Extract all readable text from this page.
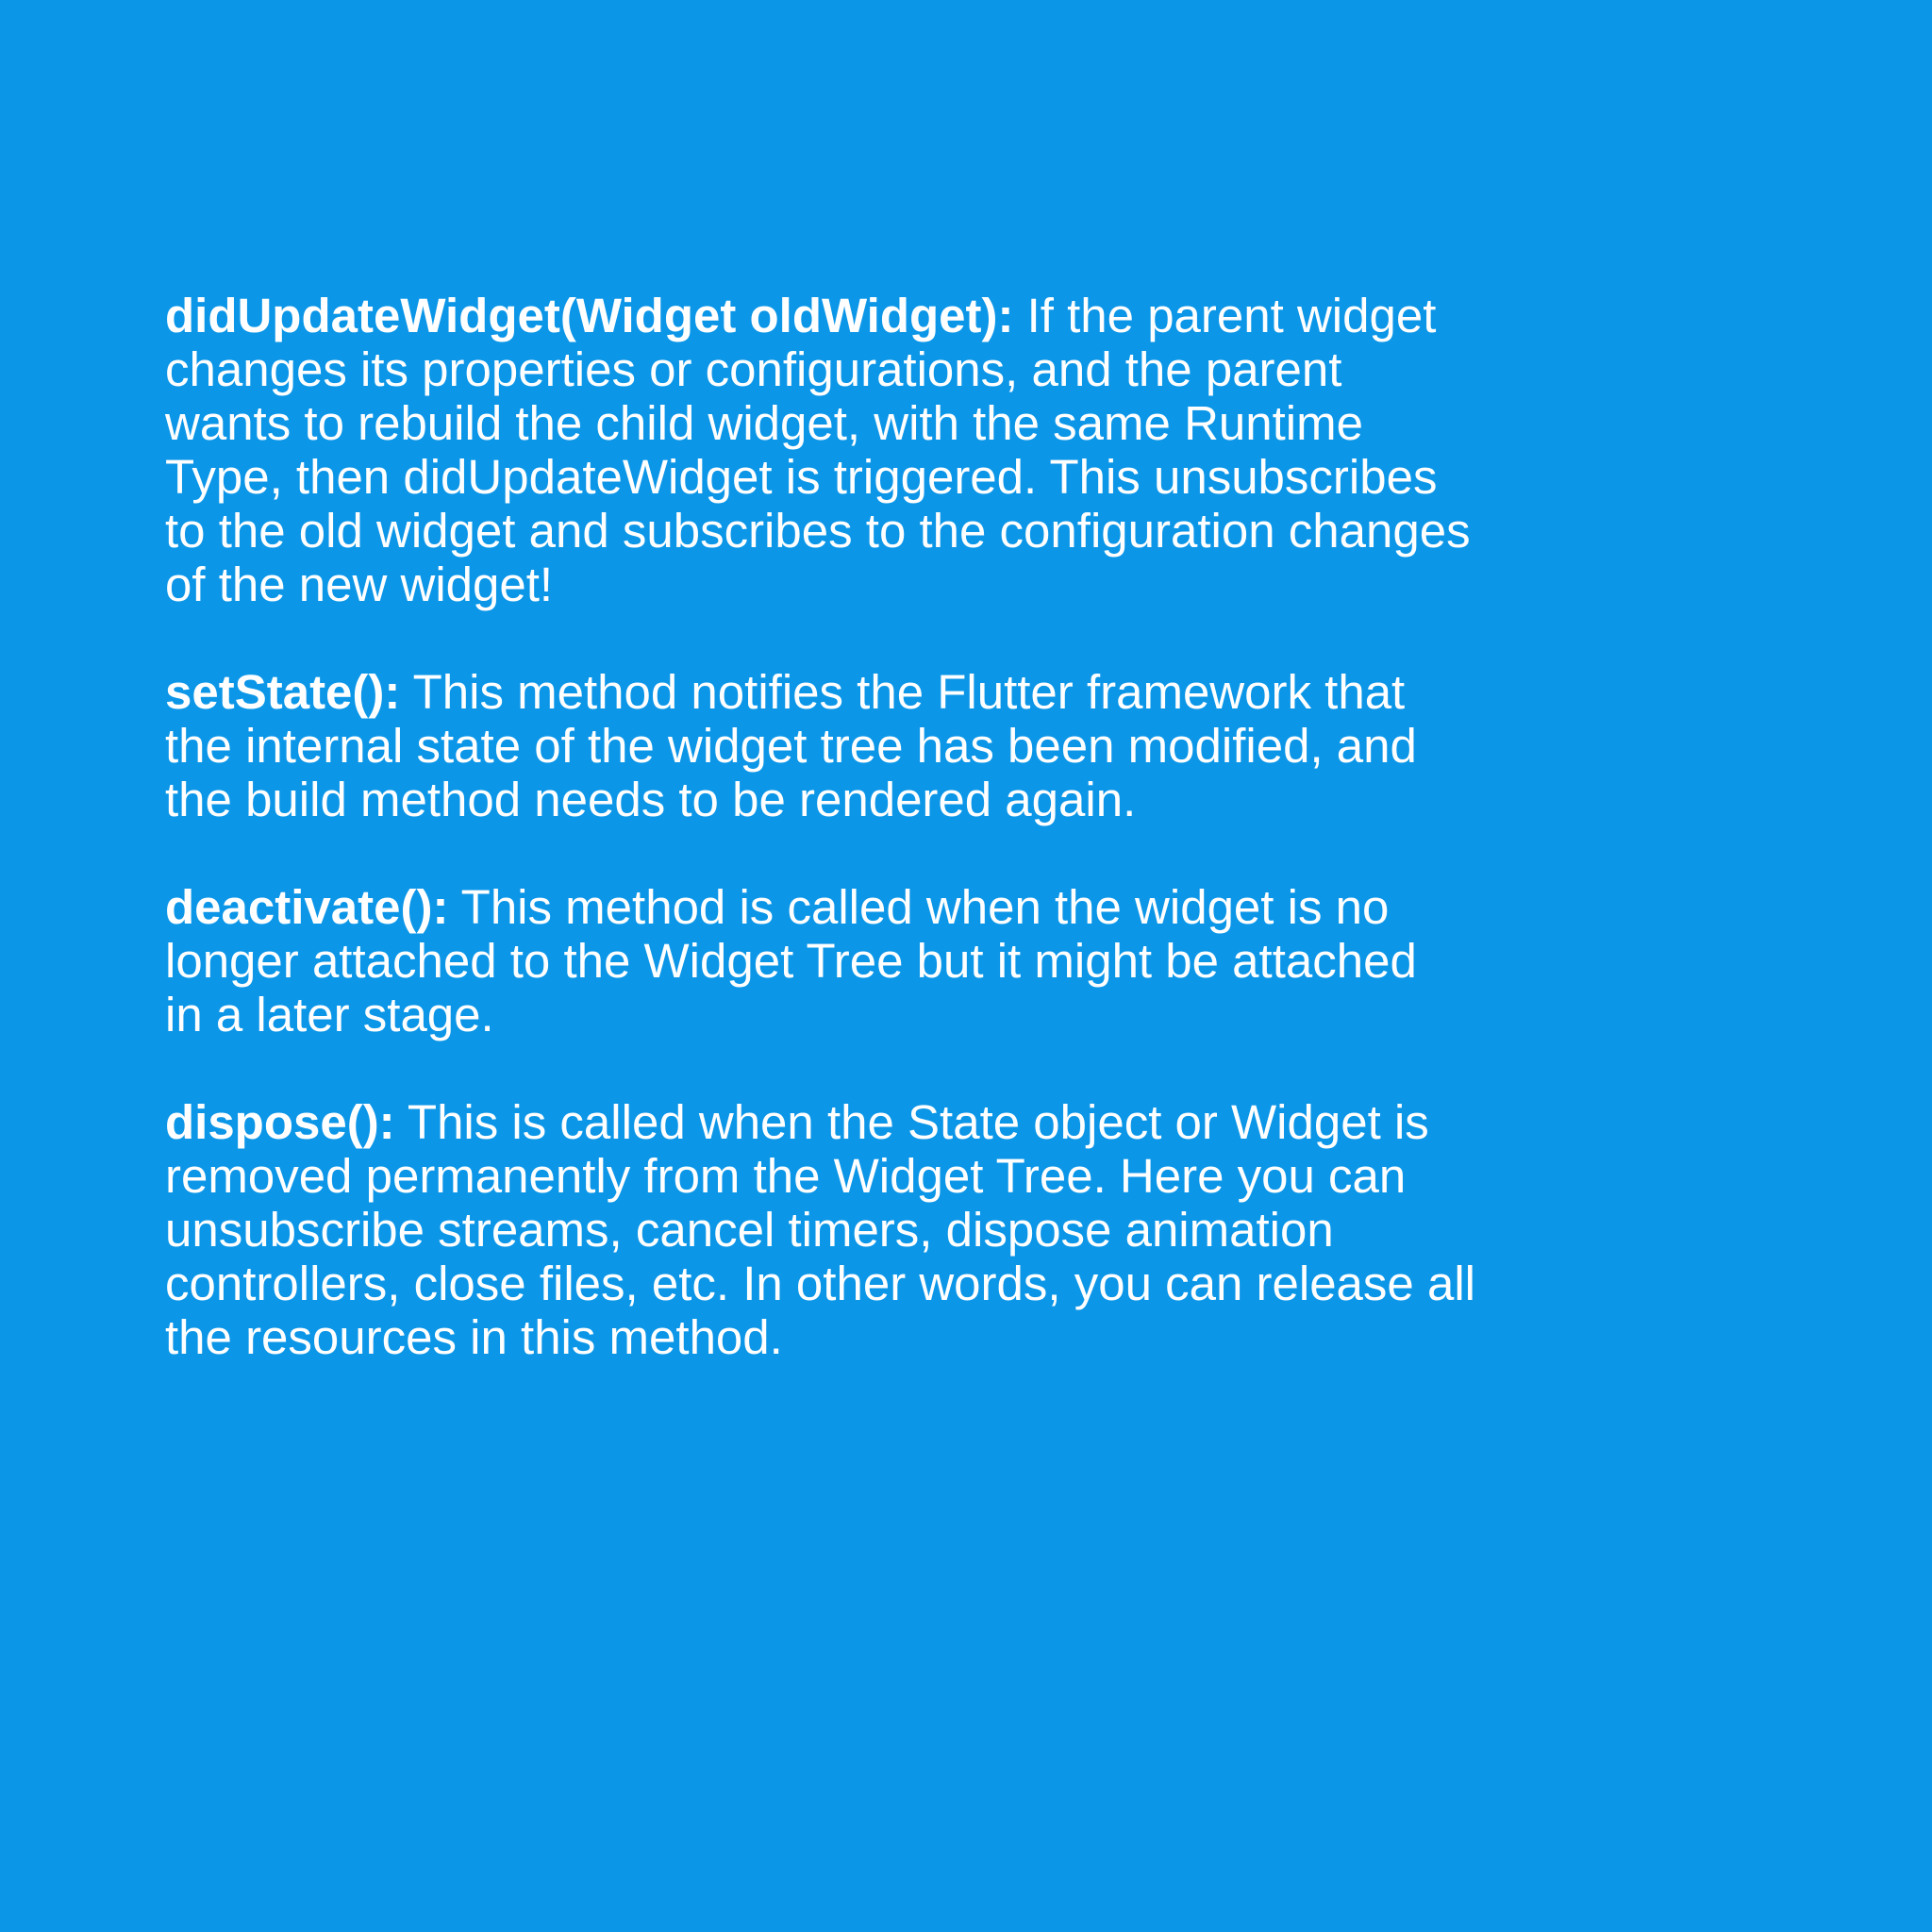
didUpdateWidget(Widget oldWidget): If the parent widget
changes its properties or configurations, and the parent
wants to rebuild the child widget, with the same Runtime
Type, then didUpdateWidget is triggered. This unsubscribes
to the old widget and subscribes to the configuration changes
of the new widget!
setState(): This method notifies the Flutter framework that
the internal state of the widget tree has been modified, and
the build method needs to be rendered again.
deactivate(): This method is called when the widget is no
longer attached to the Widget Tree but it might be attached
in a later stage.
dispose(): This is called when the State object or Widget is
removed permanently from the Widget Tree. Here you can
unsubscribe streams, cancel timers, dispose animation
controllers, close files, etc. In other words, you can release all
the resources in this method.
